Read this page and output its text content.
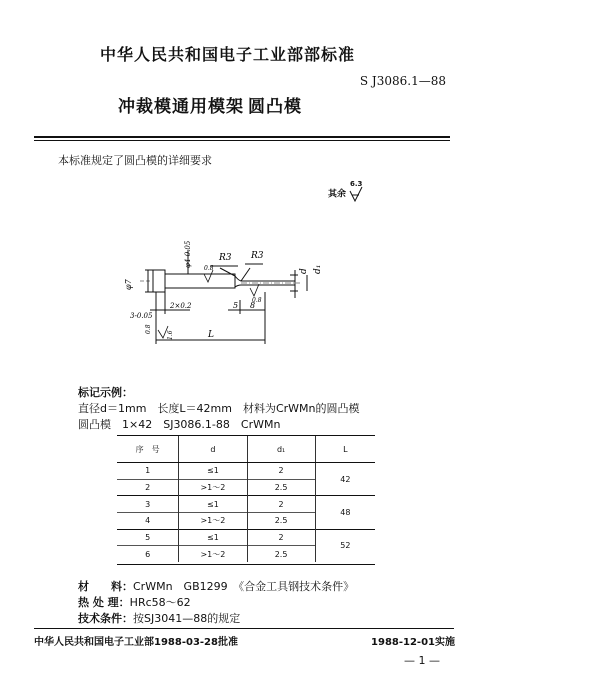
中华人民共和国电子工业部部标准
S J3086.1—88
冲裁模通用模架 圆凸模
本标准规定了圆凸模的详细要求
其余
6.3
φ7
φ4-0.05	R3 R3
d d₁
3-0.05
2×0.2	5 8
L
0.8
0.8
0.8
1.6
标记示例：
直径d＝1mm　长度L＝42mm　材料为CrWMn的圆凸模
圆凸模　1×42　SJ3086.1-88　CrWMn
序　号	d	d₁	L
1	≤1	2	42
2	>1～2	2.5	
3	≤1	2	48
4	>1～2	2.5	
5	≤1	2	52
6	>1～2	2.5	
材　　料：CrWMn　GB1299　《合金工具钢技术条件》
热 处 理：HRc58～62
技术条件：按SJ3041—88的规定
中华人民共和国电子工业部1988-03-28批准	1988-12-01实施
— 1 —
